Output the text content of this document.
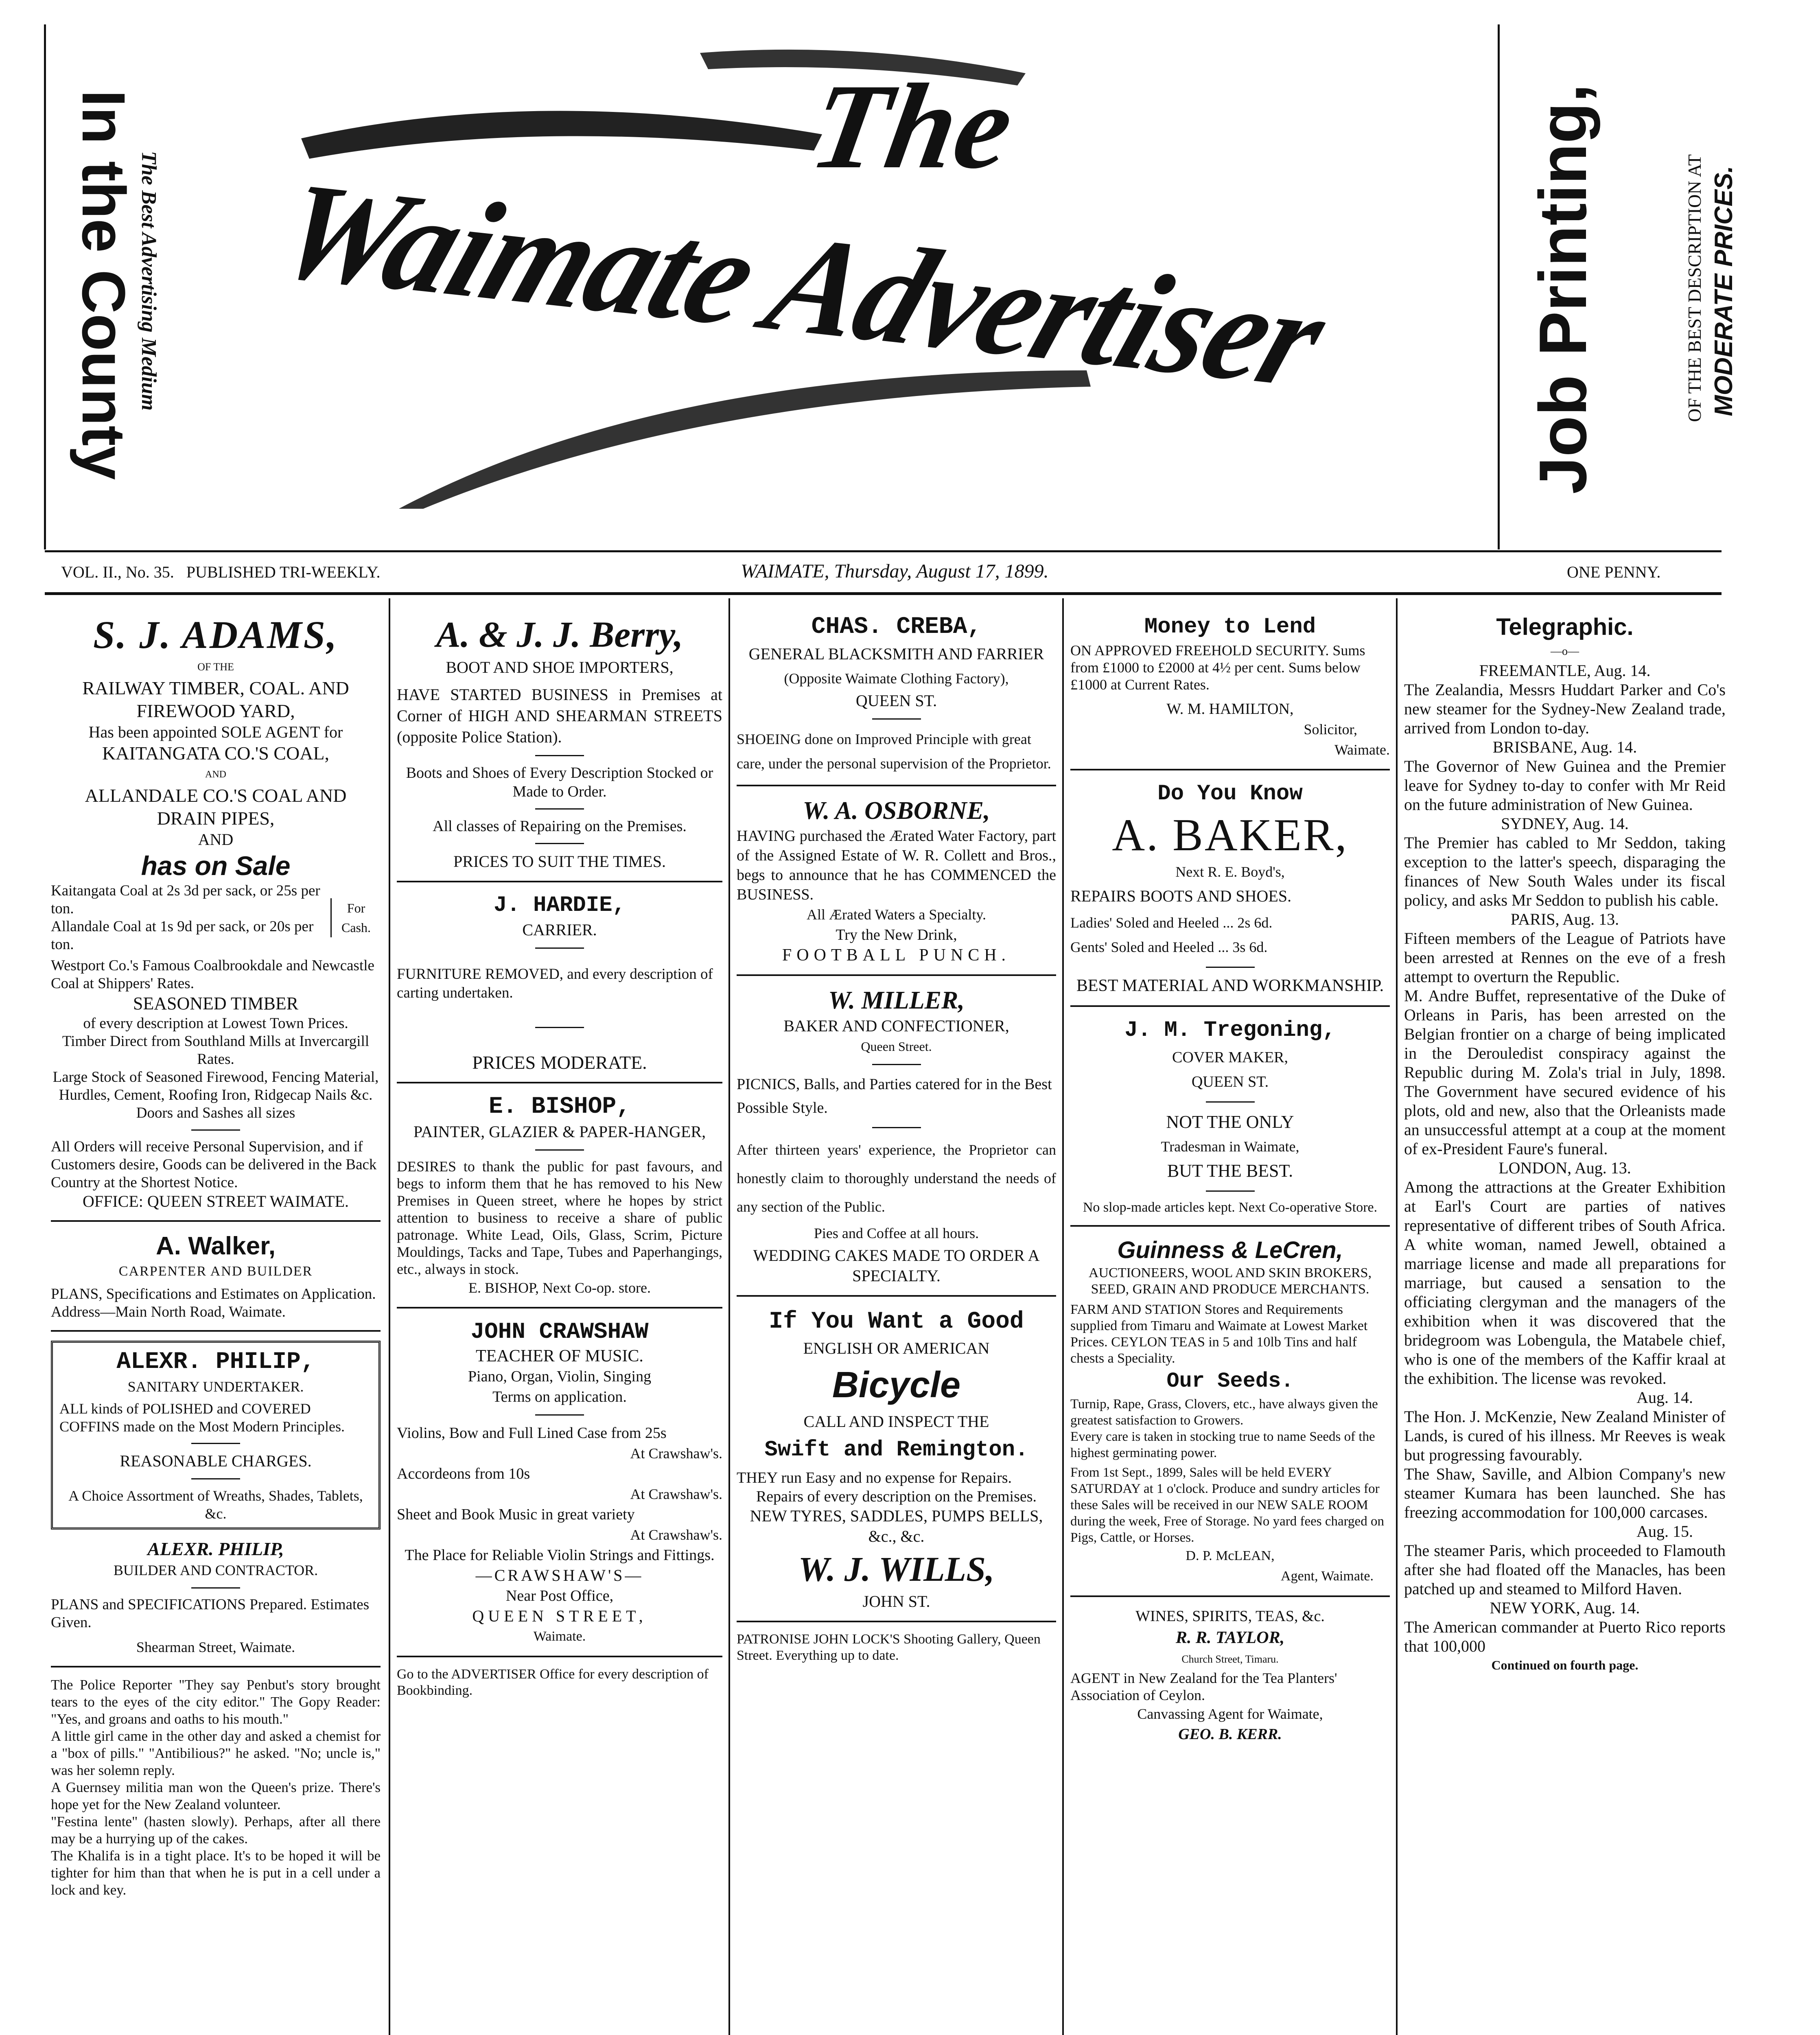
In the County
The Best Advertising Medium
The
Waimate Advertiser	Job Printing,	OF THE BEST DESCRIPTION AT MODERATE PRICES.
VOL. II., No. 35. PUBLISHED TRI-WEEKLY.	WAIMATE, Thursday, August 17, 1899.	ONE PENNY.

S. J. ADAMS,

OF THE

RAILWAY TIMBER, COAL. AND

FIREWOOD YARD,

Has been appointed SOLE AGENT for

KAITANGATA CO.'S COAL,

AND

ALLANDALE CO.'S COAL AND

DRAIN PIPES,

AND

has on Sale

Kaitangata Coal at 2s 3d per sack, or 25s per ton.

Allandale Coal at 1s 9d per sack, or 20s per ton.

For

Cash.

Westport Co.'s Famous Coalbrookdale and Newcastle Coal at Shippers' Rates.

SEASONED TIMBER

of every description at Lowest Town Prices.

Timber Direct from Southland Mills at Invercargill Rates.

Large Stock of Seasoned Firewood, Fencing Material, Hurdles, Cement, Roofing Iron, Ridgecap Nails &c. Doors and Sashes all sizes

All Orders will receive Personal Supervision, and if Customers desire, Goods can be delivered in the Back Country at the Shortest Notice.

OFFICE: QUEEN STREET WAIMATE.

A. Walker,

CARPENTER AND BUILDER

PLANS, Specifications and Estimates on Application.

Address—Main North Road, Waimate.

ALEXR. PHILIP,

SANITARY UNDERTAKER.

ALL kinds of POLISHED and COVERED COFFINS made on the Most Modern Principles.

REASONABLE CHARGES.

A Choice Assortment of Wreaths, Shades, Tablets, &c.

ALEXR. PHILIP,

BUILDER AND CONTRACTOR.

PLANS and SPECIFICATIONS Prepared. Estimates Given.

Shearman Street, Waimate.

The Police Reporter "They say Penbut's story brought tears to the eyes of the city editor." The Gopy Reader: "Yes, and groans and oaths to his mouth."

A little girl came in the other day and asked a chemist for a "box of pills." "Antibilious?" he asked. "No; uncle is," was her solemn reply.

A Guernsey militia man won the Queen's prize. There's hope yet for the New Zealand volunteer.

"Festina lente" (hasten slowly). Perhaps, after all there may be a hurrying up of the cakes.

The Khalifa is in a tight place. It's to be hoped it will be tighter for him than that when he is put in a cell under a lock and key.

A. & J. J. Berry,

BOOT AND SHOE IMPORTERS,

HAVE STARTED BUSINESS in Premises at Corner of HIGH AND SHEARMAN STREETS (opposite Police Station).

Boots and Shoes of Every Description Stocked or Made to Order.

All classes of Repairing on the Premises.

PRICES TO SUIT THE TIMES.

J. HARDIE,

CARRIER.

FURNITURE REMOVED, and every description of carting undertaken.

PRICES MODERATE.

E. BISHOP,

PAINTER, GLAZIER & PAPER-HANGER,

DESIRES to thank the public for past favours, and begs to inform them that he has removed to his New Premises in Queen street, where he hopes by strict attention to business to receive a share of public patronage. White Lead, Oils, Glass, Scrim, Picture Mouldings, Tacks and Tape, Tubes and Paperhangings, etc., always in stock.

E. BISHOP, Next Co-op. store.

JOHN CRAWSHAW

TEACHER OF MUSIC.

Piano, Organ, Violin, Singing

Terms on application.

Violins, Bow and Full Lined Case from 25s

At Crawshaw's.

Accordeons from 10s

At Crawshaw's.

Sheet and Book Music in great variety

At Crawshaw's.

The Place for Reliable Violin Strings and Fittings.

—CRAWSHAW'S—

Near Post Office,

QUEEN STREET,

Waimate.

Go to the ADVERTISER Office for every description of Bookbinding.

CHAS. CREBA,

GENERAL BLACKSMITH AND FARRIER

(Opposite Waimate Clothing Factory),

QUEEN ST.

SHOEING done on Improved Principle with great care, under the personal supervision of the Proprietor.

W. A. OSBORNE,

HAVING purchased the Ærated Water Factory, part of the Assigned Estate of W. R. Collett and Bros., begs to announce that he has COMMENCED the BUSINESS.

All Ærated Waters a Specialty.

Try the New Drink,

FOOTBALL PUNCH.

W. MILLER,

BAKER AND CONFECTIONER,

Queen Street.

PICNICS, Balls, and Parties catered for in the Best Possible Style.

After thirteen years' experience, the Proprietor can honestly claim to thoroughly understand the needs of any section of the Public.

Pies and Coffee at all hours.

WEDDING CAKES MADE TO ORDER A SPECIALTY.

If You Want a Good

ENGLISH OR AMERICAN

Bicycle

CALL AND INSPECT THE

Swift and Remington.

THEY run Easy and no expense for Repairs.

Repairs of every description on the Premises.

NEW TYRES, SADDLES, PUMPS BELLS, &c., &c.

W. J. WILLS,

JOHN ST.

PATRONISE JOHN LOCK'S Shooting Gallery, Queen Street. Everything up to date.

Money to Lend

ON APPROVED FREEHOLD SECURITY. Sums from £1000 to £2000 at 4½ per cent. Sums below £1000 at Current Rates.

W. M. HAMILTON,

Solicitor,

Waimate.

Do You Know

A. BAKER,

Next R. E. Boyd's,

REPAIRS BOOTS AND SHOES.

Ladies' Soled and Heeled ... 2s 6d.

Gents' Soled and Heeled ... 3s 6d.

BEST MATERIAL AND WORKMANSHIP.

J. M. Tregoning,

COVER MAKER,

QUEEN ST.

NOT THE ONLY

Tradesman in Waimate,

BUT THE BEST.

No slop-made articles kept. Next Co-operative Store.

Guinness & LeCren,

AUCTIONEERS, WOOL AND SKIN BROKERS, SEED, GRAIN AND PRODUCE MERCHANTS.

FARM AND STATION Stores and Requirements supplied from Timaru and Waimate at Lowest Market Prices. CEYLON TEAS in 5 and 10lb Tins and half chests a Speciality.

Our Seeds.

Turnip, Rape, Grass, Clovers, etc., have always given the greatest satisfaction to Growers.

Every care is taken in stocking true to name Seeds of the highest germinating power.

From 1st Sept., 1899, Sales will be held EVERY SATURDAY at 1 o'clock. Produce and sundry articles for these Sales will be received in our NEW SALE ROOM during the week, Free of Storage. No yard fees charged on Pigs, Cattle, or Horses.

D. P. McLEAN,

Agent, Waimate.

WINES, SPIRITS, TEAS, &c.

R. R. TAYLOR,

Church Street, Timaru.

AGENT in New Zealand for the Tea Planters' Association of Ceylon.

Canvassing Agent for Waimate,

GEO. B. KERR.

Telegraphic.

—o—

FREEMANTLE, Aug. 14.

The Zealandia, Messrs Huddart Parker and Co's new steamer for the Sydney-New Zealand trade, arrived from London to-day.

BRISBANE, Aug. 14.

The Governor of New Guinea and the Premier leave for Sydney to-day to confer with Mr Reid on the future administration of New Guinea.

SYDNEY, Aug. 14.

The Premier has cabled to Mr Seddon, taking exception to the latter's speech, disparaging the finances of New South Wales under its fiscal policy, and asks Mr Seddon to publish his cable.

PARIS, Aug. 13.

Fifteen members of the League of Patriots have been arrested at Rennes on the eve of a fresh attempt to overturn the Republic.

M. Andre Buffet, representative of the Duke of Orleans in Paris, has been arrested on the Belgian frontier on a charge of being implicated in the Derouledist conspiracy against the Republic during M. Zola's trial in July, 1898. The Government have secured evidence of his plots, old and new, also that the Orleanists made an unsuccessful attempt at a coup at the moment of ex-President Faure's funeral.

LONDON, Aug. 13.

Among the attractions at the Greater Exhibition at Earl's Court are parties of natives representative of different tribes of South Africa. A white woman, named Jewell, obtained a marriage license and made all preparations for marriage, but caused a sensation to the officiating clergyman and the managers of the exhibition when it was discovered that the bridegroom was Lobengula, the Matabele chief, who is one of the members of the Kaffir kraal at the exhibition. The license was revoked.

Aug. 14.

The Hon. J. McKenzie, New Zealand Minister of Lands, is cured of his illness. Mr Reeves is weak but progressing favourably.

The Shaw, Saville, and Albion Company's new steamer Kumara has been launched. She has freezing accommodation for 100,000 carcases.

Aug. 15.

The steamer Paris, which proceeded to Flamouth after she had floated off the Manacles, has been patched up and steamed to Milford Haven.

NEW YORK, Aug. 14.

The American commander at Puerto Rico reports that 100,000

Continued on fourth page.
